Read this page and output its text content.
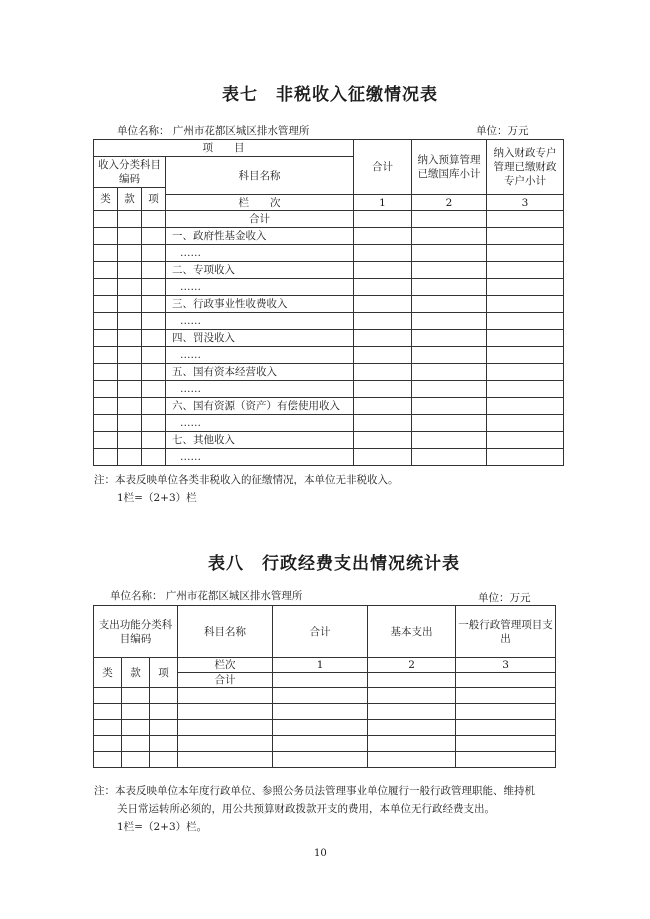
表七　非税收入征缴情况表
单位名称： 广州市花都区城区排水管理所	单位：万元
项　　目				合计	纳入预算管理已缴国库小计	纳入财政专户管理已缴财政专户小计
收入分类科目编码			科目名称			
类	款	项				
			栏　　次	1	2	3

			合计			
			一、政府性基金收入			
			……			
			二、专项收入			
			……			
			三、行政事业性收费收入			
			……			
			四、罚没收入			
			……			
			五、国有资本经营收入			
			……			
			六、国有资源（资产）有偿使用收入			
			……			
			七、其他收入			
			……			
注：本表反映单位各类非税收入的征缴情况，本单位无非税收入。
1栏=（2+3）栏
表八　行政经费支出情况统计表
单位名称： 广州市花都区城区排水管理所	单位：万元
支出功能分类科目编码			科目名称	合计	基本支出	一般行政管理项目支出
类	款	项	栏次	1	2	3
			合计			

注：本表反映单位本年度行政单位、参照公务员法管理事业单位履行一般行政管理职能、维持机
关日常运转所必须的，用公共预算财政拨款开支的费用，本单位无行政经费支出。
1栏=（2+3）栏。
10
